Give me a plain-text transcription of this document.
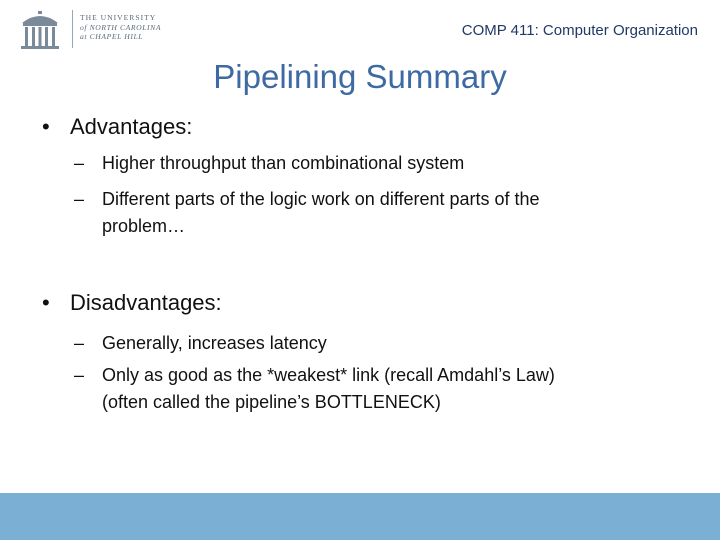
THE UNIVERSITY
of NORTH CAROLINA
at CHAPEL HILL	COMP 411: Computer Organization
Pipelining Summary
• Advantages:
– Higher throughput than combinational system
– Different parts of the logic work on different parts of the
problem…
• Disadvantages:
– Generally, increases latency
– Only as good as the *weakest* link (recall Amdahl’s Law)
(often called the pipeline’s BOTTLENECK)
